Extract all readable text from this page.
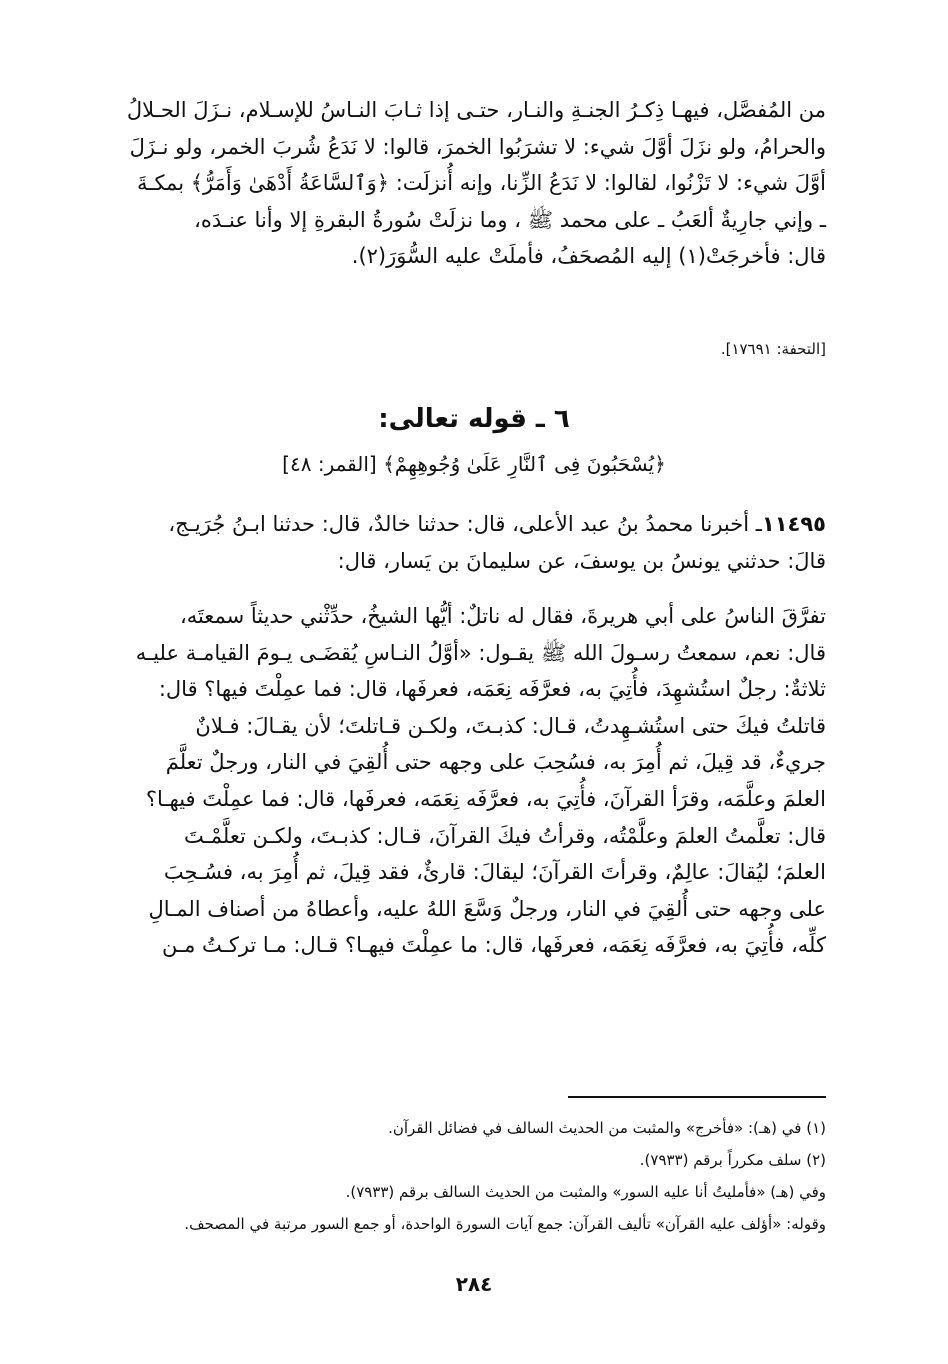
من المُفصَّل، فيهـا ذِكـرُ الجنـةِ والنـار، حتـى إذا ثـابَ النـاسُ للإسـلام، نـزَلَ الحـلالُ
والحرامُ، ولو نزَلَ أوَّلَ شيء: لا تشرَبُوا الخمرَ، قالوا: لا نَدَعُ شُربَ الخمر، ولو نـزَلَ
أوَّلَ شيء: لا تَزْنُوا، لقالوا: لا نَدَعُ الزِّنا، وإنه أُنزلَت: ﴿وَٱلسَّاعَةُ أَدْهَىٰ وَأَمَرُّ﴾ بمكـةَ
ـ وإني جارِيةٌ ألعَبُ ـ على محمد ﷺ ، وما نزلَتْ سُورةُ البقرةِ إلا وأنا عنـدَه،
قال: فأخرجَتْ(١) إليه المُصحَفُ، فأملَتْ عليه السُّوَرَ(٢).
[التحفة: ١٧٦٩١].
٦ ـ قوله تعالى:
﴿يُسْحَبُونَ فِى ٱلنَّارِ عَلَىٰ وُجُوهِهِمْ﴾ [القمر: ٤٨]
١١٤٩٥ـ أخبرنا محمدُ بنُ عبد الأعلى، قال: حدثنا خالدٌ، قال: حدثنا ابـنُ جُرَيـج،
قالَ: حدثني يونسُ بن يوسفَ، عن سليمانَ بن يَسار، قال:
تفرَّقَ الناسُ على أبي هريرةَ، فقال له ناتلٌ: أيُّها الشيخُ، حدِّثْني حديثاً سمعتَه،
قال: نعم، سمعتُ رسـولَ الله ﷺ يقـول: «أوَّلُ النـاسِ يُقضَـى يـومَ القيامـة عليـه
ثلاثةٌ: رجلٌ استُشهِدَ، فأُتِيَ به، فعرَّفَه نِعَمَه، فعرفَها، قال: فما عمِلْتَ فيها؟ قال:
قاتلتُ فيكَ حتى استُشـهِدتُ، قـال: كذبـتَ، ولكـن قـاتلتَ؛ لأن يقـالَ: فـلانٌ
جريءٌ، قد قِيلَ، ثم أُمِرَ به، فسُحِبَ على وجهه حتى أُلقِيَ في النار، ورجلٌ تعلَّمَ
العلمَ وعلَّمَه، وقرَأ القرآنَ، فأُتِيَ به، فعرَّفَه نِعَمَه، فعرفَها، قال: فما عمِلْتَ فيهـا؟
قال: تعلَّمتُ العلمَ وعلَّمْتُه، وقرأتُ فيكَ القرآنَ، قـال: كذبـتَ، ولكـن تعلَّمْـتَ
العلمَ؛ ليُقالَ: عالِمٌ، وقرأتَ القرآنَ؛ ليقالَ: قارئٌ، فقد قِيلَ، ثم أُمِرَ به، فسُـحِبَ
على وجهه حتى أُلقِيَ في النار، ورجلٌ وَسَّعَ اللهُ عليه، وأعطاهُ من أصناف المـالِ
كلِّه، فأُتِيَ به، فعرَّفَه نِعَمَه، فعرفَها، قال: ما عمِلْتَ فيهـا؟ قـال: مـا تركـتُ مـن
(١) في (هـ): «فأخرج» والمثبت من الحديث السالف في فضائل القرآن.
(٢) سلف مكرراً برقم (٧٩٣٣).
وفي (هـ) «فأمليتُ أنا عليه السور» والمثبت من الحديث السالف برقم (٧٩٣٣).
وقوله: «أؤلف عليه القرآن» تأليف القرآن: جمع آيات السورة الواحدة، أو جمع السور مرتبة في المصحف.
٢٨٤
